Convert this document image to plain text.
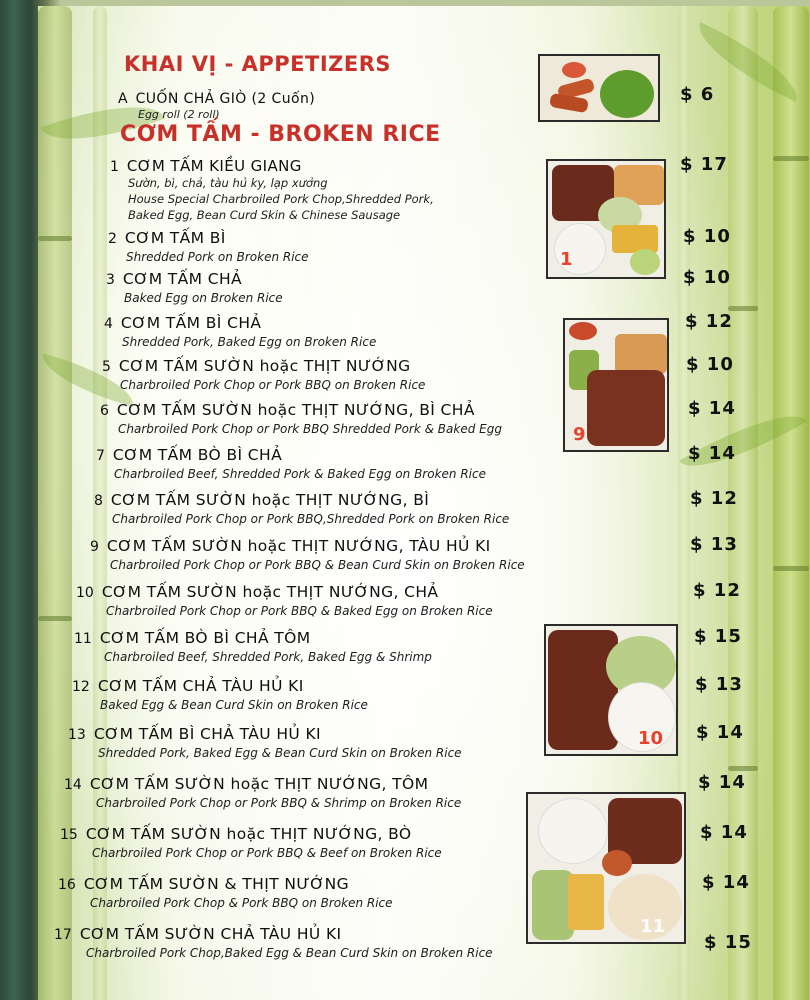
KHAI VỊ - APPETIZERS
A CUỐN CHẢ GIÒ (2 Cuốn)
Egg roll (2 roll)
$ 6
CƠM TẤM - BROKEN RICE
1 CƠM TẤM KIỀU GIANG
Sườn, bì, chả, tàu hủ ky, lạp xưởng
House Special Charbroiled Pork Chop,Shredded Pork,
Baked Egg, Bean Curd Skin & Chinese Sausage
$ 17
1
2 CƠM TẤM BÌ
Shredded Pork on Broken Rice
$ 10
3 CƠM TẤM CHẢ
Baked Egg on Broken Rice
$ 10
4 CƠM TẤM BÌ CHẢ
Shredded Pork, Baked Egg on Broken Rice
$ 12
9
5 CƠM TẤM SƯỜN hoặc THỊT NƯỚNG
Charbroiled Pork Chop or Pork BBQ on Broken Rice
$ 10
6 CƠM TẤM SƯỜN hoặc THỊT NƯỚNG, BÌ CHẢ
Charbroiled Pork Chop or Pork BBQ Shredded Pork & Baked Egg
$ 14
7 CƠM TẤM BÒ BÌ CHẢ
Charbroiled Beef, Shredded Pork & Baked Egg on Broken Rice
$ 14
8 CƠM TẤM SƯỜN hoặc THỊT NƯỚNG, BÌ
Charbroiled Pork Chop or Pork BBQ,Shredded Pork on Broken Rice
$ 12
9 CƠM TẤM SƯỜN hoặc THỊT NƯỚNG, TÀU HỦ KI
Charbroiled Pork Chop or Pork BBQ & Bean Curd Skin on Broken Rice
$ 13
10 CƠM TẤM SƯỜN hoặc THỊT NƯỚNG, CHẢ
Charbroiled Pork Chop or Pork BBQ & Baked Egg on Broken Rice
$ 12
10
11 CƠM TẤM BÒ BÌ CHẢ TÔM
Charbroiled Beef, Shredded Pork, Baked Egg & Shrimp
$ 15
12 CƠM TẤM CHẢ TÀU HỦ KI
Baked Egg & Bean Curd Skin on Broken Rice
$ 13
13 CƠM TẤM BÌ CHẢ TÀU HỦ KI
Shredded Pork, Baked Egg & Bean Curd Skin on Broken Rice
$ 14
14 CƠM TẤM SƯỜN hoặc THỊT NƯỚNG, TÔM
Charbroiled Pork Chop or Pork BBQ & Shrimp on Broken Rice
$ 14
11
15 CƠM TẤM SƯỜN hoặc THỊT NƯỚNG, BÒ
Charbroiled Pork Chop or Pork BBQ & Beef on Broken Rice
$ 14
16 CƠM TẤM SƯỜN & THỊT NƯỚNG
Charbroiled Pork Chop & Pork BBQ on Broken Rice
$ 14
17 CƠM TẤM SƯỜN CHẢ TÀU HỦ KI
Charbroiled Pork Chop,Baked Egg & Bean Curd Skin on Broken Rice	$ 15
